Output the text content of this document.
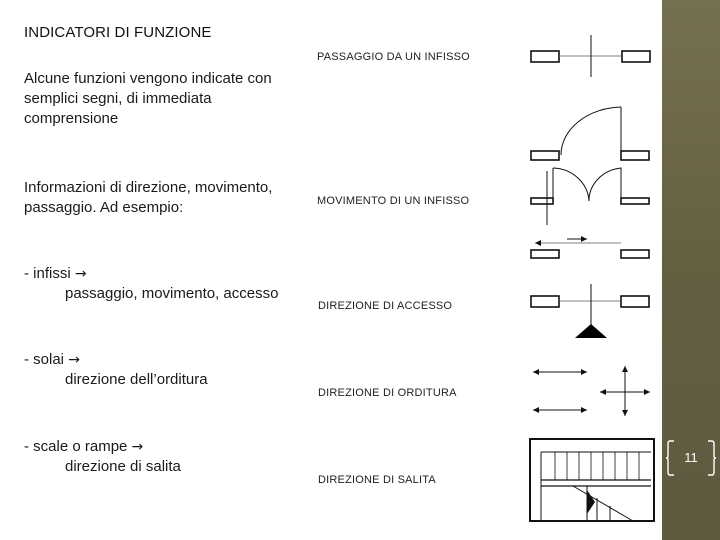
INDICATORI DI FUNZIONE
Alcune funzioni vengono indicate con semplici segni, di immediata comprensione
Informazioni di direzione, movimento, passaggio. Ad esempio:
- infissi →
passaggio, movimento, accesso
- solai →
direzione dell’orditura
- scale o rampe →
direzione di salita
PASSAGGIO DA UN INFISSO
MOVIMENTO DI UN INFISSO
DIREZIONE DI ACCESSO
DIREZIONE DI ORDITURA
DIREZIONE DI SALITA
11
